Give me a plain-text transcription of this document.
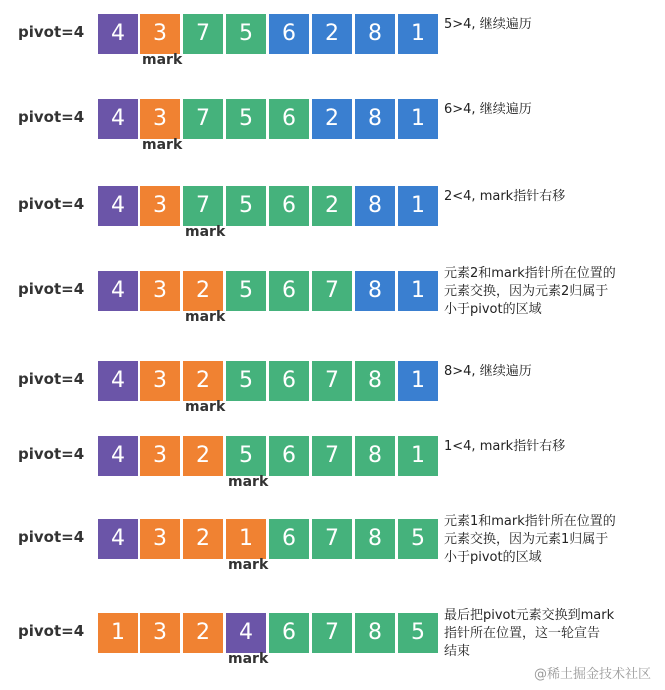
pivot=4	4	3	7	5	6	2	8	1	5>4, 继续遍历
mark
pivot=4	4	3	7	5	6	2	8	1	6>4, 继续遍历
mark
pivot=4	4	3	7	5	6	2	8	1	2<4, mark指针右移
mark
pivot=4	4	3	2	5	6	7	8	1
元素2和mark指针所在位置的
元素交换，因为元素2归属于
小于pivot的区域
mark
pivot=4	4	3	2	5	6	7	8	1	8>4, 继续遍历
mark
pivot=4	4	3	2	5	6	7	8	1	1<4, mark指针右移
mark
pivot=4	4	3	2	1	6	7	8	5
元素1和mark指针所在位置的
元素交换，因为元素1归属于
小于pivot的区域
mark
pivot=4	1	3	2	4	6	7	8	5
最后把pivot元素交换到mark
指针所在位置，这一轮宣告
结束
mark
@稀土掘金技术社区
